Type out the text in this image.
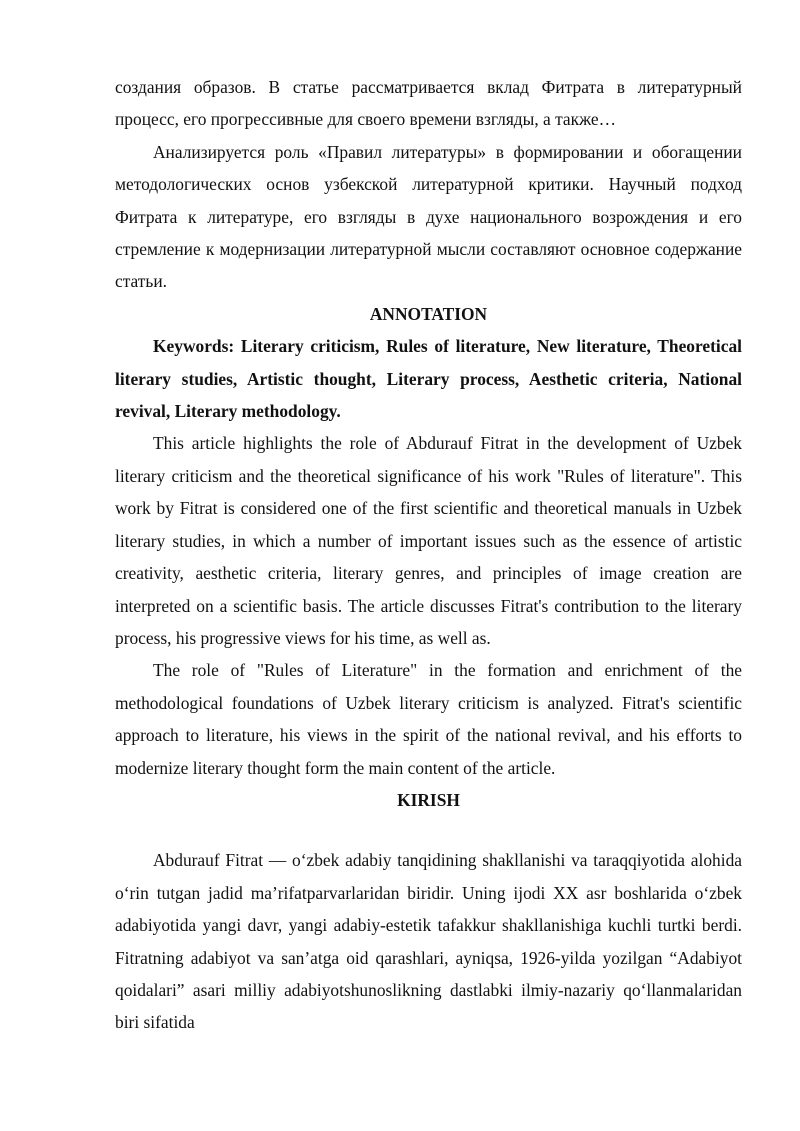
создания образов. В статье рассматривается вклад Фитрата в литературный процесс, его прогрессивные для своего времени взгляды, а также…

Анализируется роль «Правил литературы» в формировании и обогащении методологических основ узбекской литературной критики. Научный подход Фитрата к литературе, его взгляды в духе национального возрождения и его стремление к модернизации литературной мысли составляют основное содержание статьи.

ANNOTATION

Keywords: Literary criticism, Rules of literature, New literature, Theoretical literary studies, Artistic thought, Literary process, Aesthetic criteria, National revival, Literary methodology.

This article highlights the role of Abdurauf Fitrat in the development of Uzbek literary criticism and the theoretical significance of his work "Rules of literature". This work by Fitrat is considered one of the first scientific and theoretical manuals in Uzbek literary studies, in which a number of important issues such as the essence of artistic creativity, aesthetic criteria, literary genres, and principles of image creation are interpreted on a scientific basis. The article discusses Fitrat's contribution to the literary process, his progressive views for his time, as well as.

The role of "Rules of Literature" in the formation and enrichment of the methodological foundations of Uzbek literary criticism is analyzed. Fitrat's scientific approach to literature, his views in the spirit of the national revival, and his efforts to modernize literary thought form the main content of the article.

KIRISH

Abdurauf Fitrat — o‘zbek adabiy tanqidining shakllanishi va taraqqiyotida alohida o‘rin tutgan jadid ma’rifatparvarlaridan biridir. Uning ijodi XX asr boshlarida o‘zbek adabiyotida yangi davr, yangi adabiy-estetik tafakkur shakllanishiga kuchli turtki berdi. Fitratning adabiyot va san’atga oid qarashlari, ayniqsa, 1926-yilda yozilgan “Adabiyot qoidalari” asari milliy adabiyotshunoslikning dastlabki ilmiy-nazariy qo‘llanmalaridan biri sifatida
